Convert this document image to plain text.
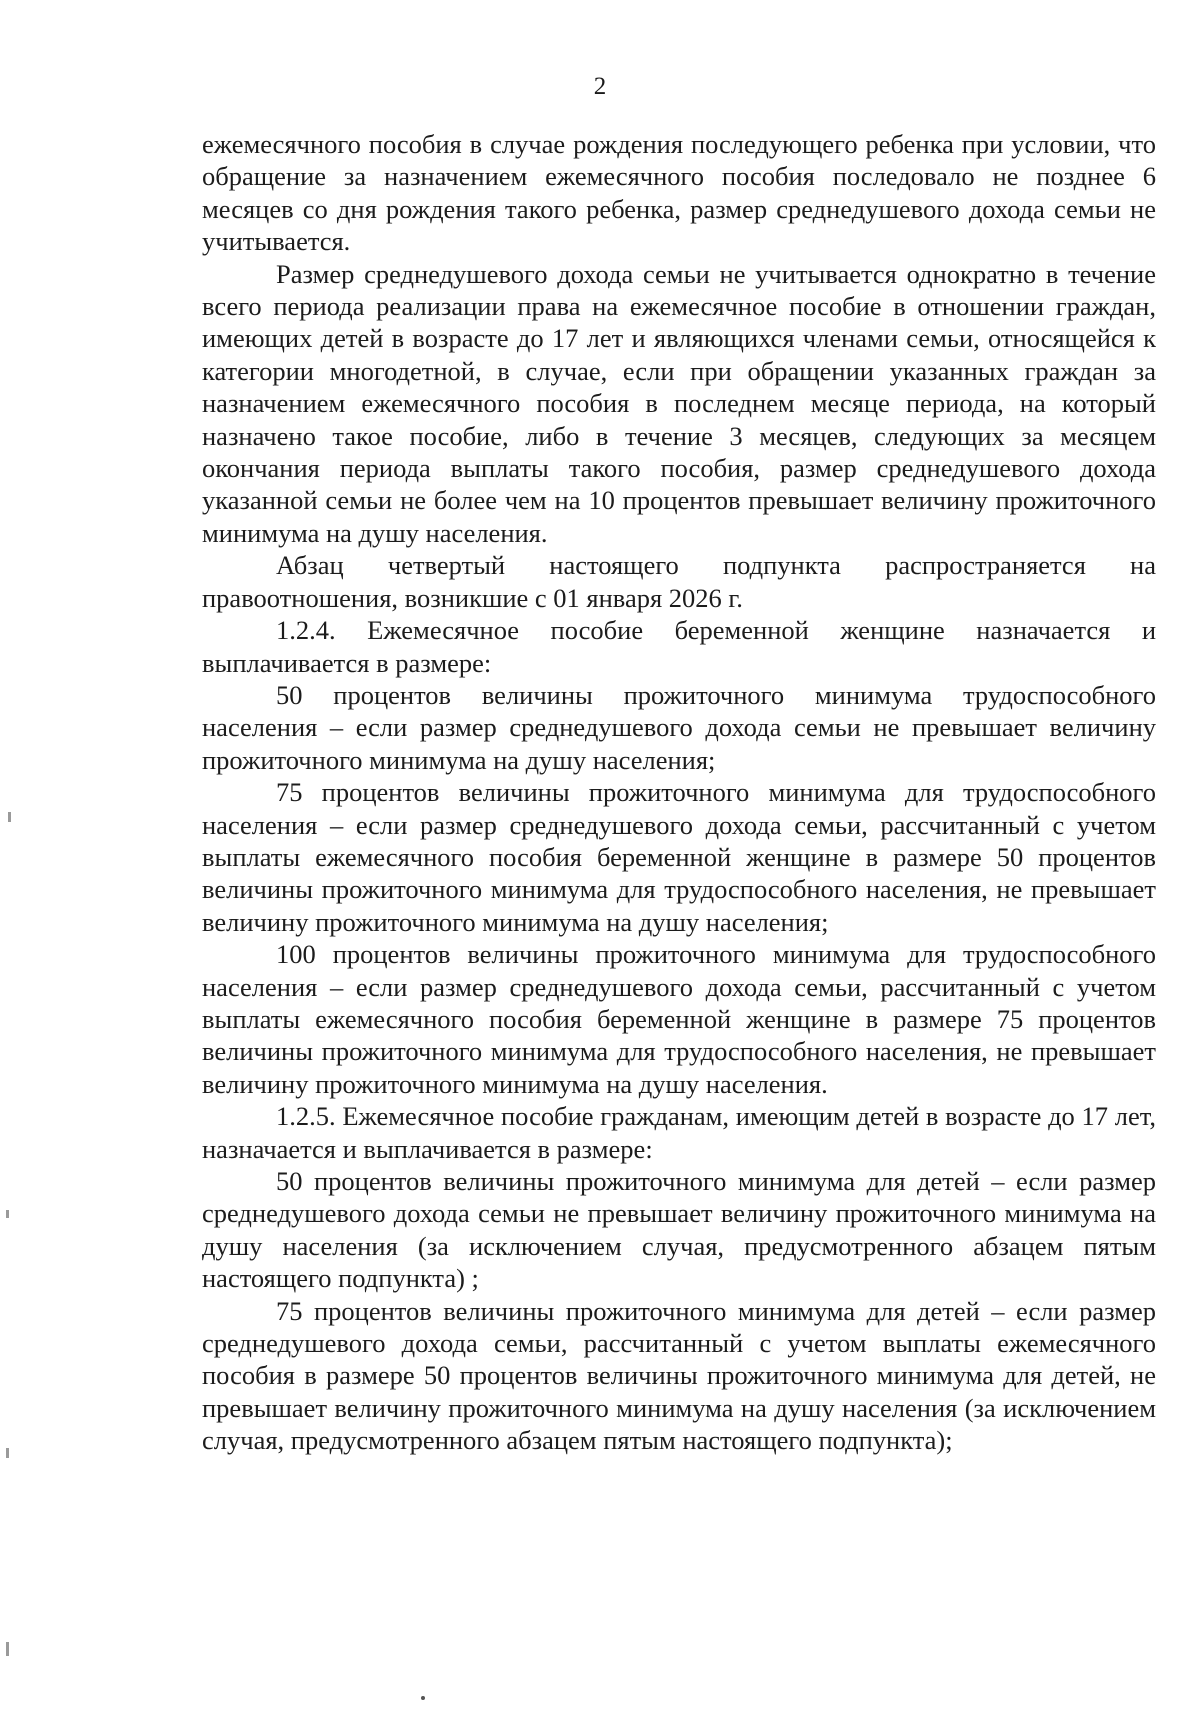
2

ежемесячного пособия в случае рождения последующего ребенка при условии, что обращение за назначением ежемесячного пособия последовало не позднее 6 месяцев со дня рождения такого ребенка, размер среднедушевого дохода семьи не учитывается.

Размер среднедушевого дохода семьи не учитывается однократно в течение всего периода реализации права на ежемесячное пособие в отношении граждан, имеющих детей в возрасте до 17 лет и являющихся членами семьи, относящейся к категории многодетной, в случае, если при обращении указанных граждан за назначением ежемесячного пособия в последнем месяце периода, на который назначено такое пособие, либо в течение 3 месяцев, следующих за месяцем окончания периода выплаты такого пособия, размер среднедушевого дохода указанной семьи не более чем на 10 процентов превышает величину прожиточного минимума на душу населения.

Абзац четвертый настоящего подпункта распространяется на правоотношения, возникшие с 01 января 2026 г.

1.2.4. Ежемесячное пособие беременной женщине назначается и выплачивается в размере:

50 процентов величины прожиточного минимума трудоспособного населения – если размер среднедушевого дохода семьи не превышает величину прожиточного минимума на душу населения;

75 процентов величины прожиточного минимума для трудоспособного населения – если размер среднедушевого дохода семьи, рассчитанный с учетом выплаты ежемесячного пособия беременной женщине в размере 50 процентов величины прожиточного минимума для трудоспособного населения, не превышает величину прожиточного минимума на душу населения;

100 процентов величины прожиточного минимума для трудоспособного населения – если размер среднедушевого дохода семьи, рассчитанный с учетом выплаты ежемесячного пособия беременной женщине в размере 75 процентов величины прожиточного минимума для трудоспособного населения, не превышает величину прожиточного минимума на душу населения.

1.2.5. Ежемесячное пособие гражданам, имеющим детей в возрасте до 17 лет, назначается и выплачивается в размере:

50 процентов величины прожиточного минимума для детей – если размер среднедушевого дохода семьи не превышает величину прожиточного минимума на душу населения (за исключением случая, предусмотренного абзацем пятым настоящего подпункта) ;

75 процентов величины прожиточного минимума для детей – если размер среднедушевого дохода семьи, рассчитанный с учетом выплаты ежемесячного пособия в размере 50 процентов величины прожиточного минимума для детей, не превышает величину прожиточного минимума на душу населения (за исключением случая, предусмотренного абзацем пятым настоящего подпункта);
